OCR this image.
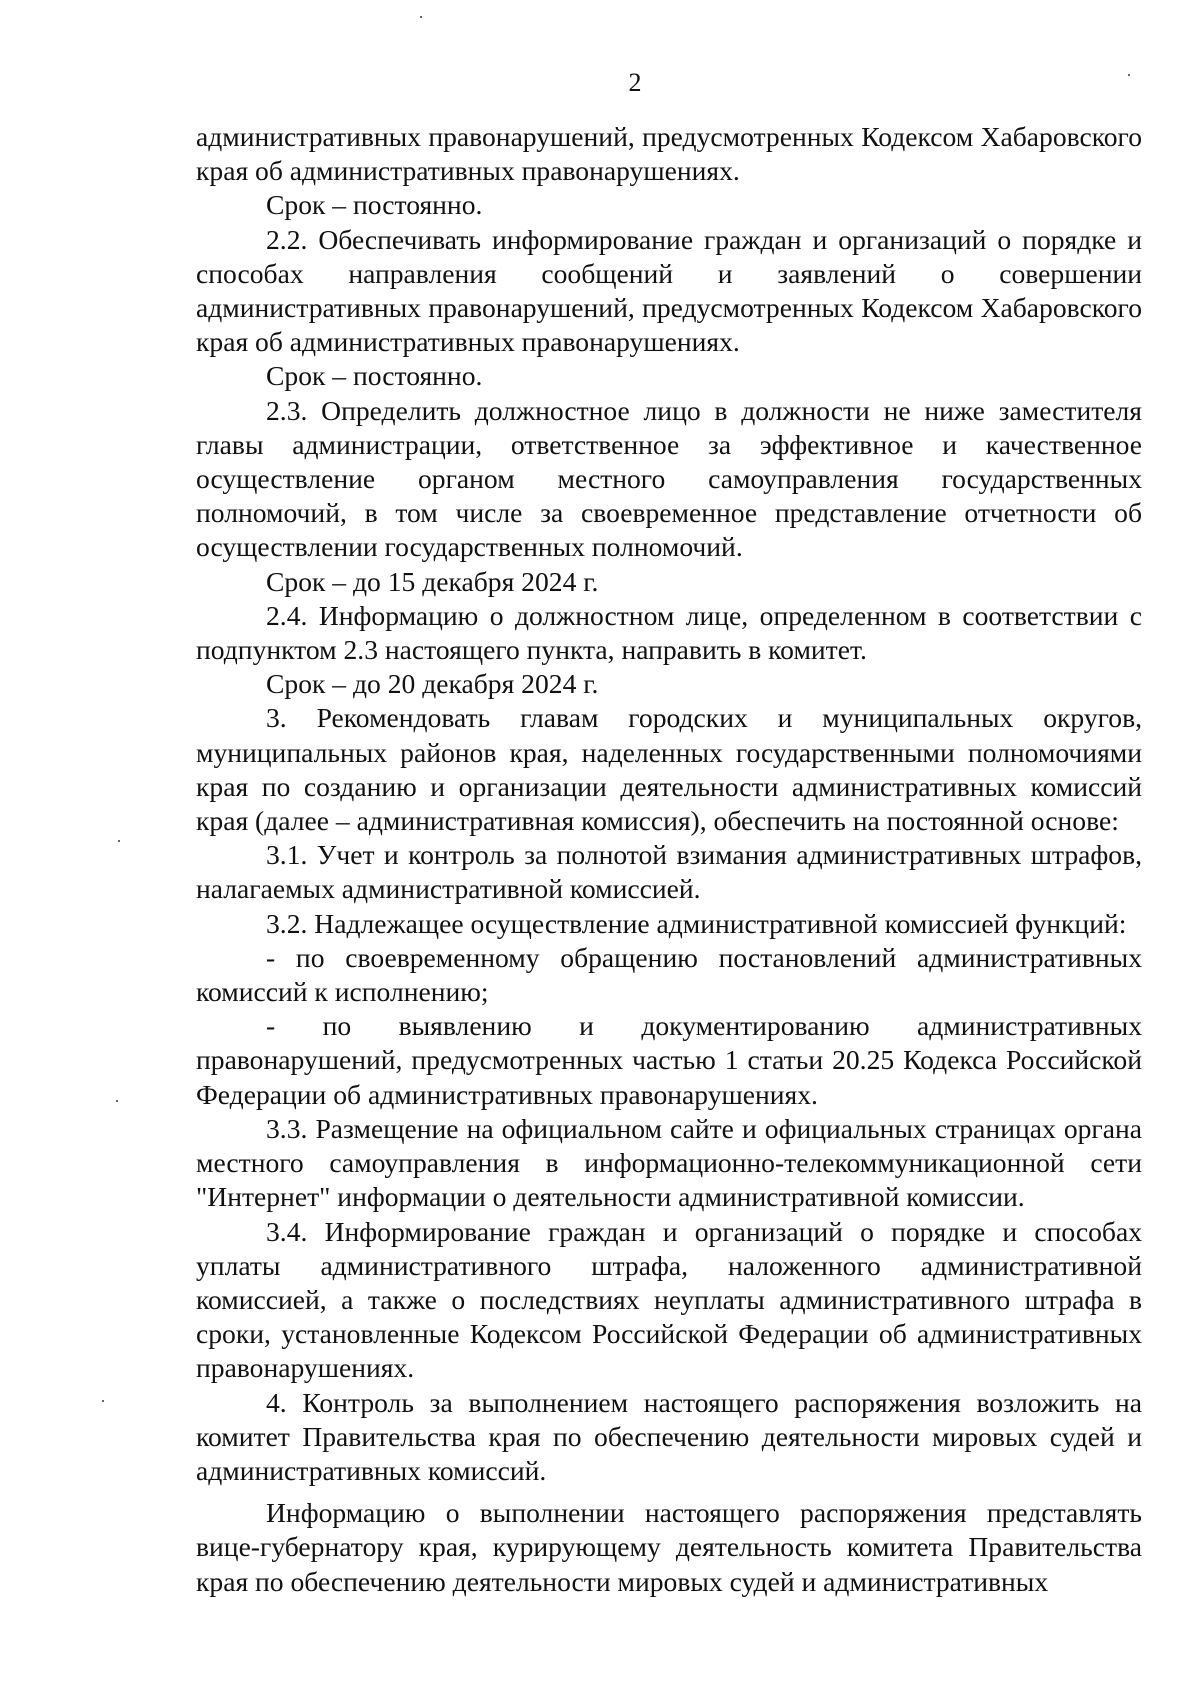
2

административных правонарушений, предусмотренных Кодексом Хабаровского края об административных правонарушениях.

Срок – постоянно.

2.2. Обеспечивать информирование граждан и организаций о порядке и способах направления сообщений и заявлений о совершении административных правонарушений, предусмотренных Кодексом Хабаровского края об административных правонарушениях.

Срок – постоянно.

2.3. Определить должностное лицо в должности не ниже заместителя главы администрации, ответственное за эффективное и качественное осуществление органом местного самоуправления государственных полномочий, в том числе за своевременное представление отчетности об осуществлении государственных полномочий.

Срок – до 15 декабря 2024 г.

2.4. Информацию о должностном лице, определенном в соответствии с подпунктом 2.3 настоящего пункта, направить в комитет.

Срок – до 20 декабря 2024 г.

3. Рекомендовать главам городских и муниципальных округов, муниципальных районов края, наделенных государственными полномочиями края по созданию и организации деятельности административных комиссий края (далее – административная комиссия), обеспечить на постоянной основе:

3.1. Учет и контроль за полнотой взимания административных штрафов, налагаемых административной комиссией.

3.2. Надлежащее осуществление административной комиссией функций:

- по своевременному обращению постановлений административных комиссий к исполнению;

- по выявлению и документированию административных правонарушений, предусмотренных частью 1 статьи 20.25 Кодекса Российской Федерации об административных правонарушениях.

3.3. Размещение на официальном сайте и официальных страницах органа местного самоуправления в информационно-телекоммуникационной сети "Интернет" информации о деятельности административной комиссии.

3.4. Информирование граждан и организаций о порядке и способах уплаты административного штрафа, наложенного административной комиссией, а также о последствиях неуплаты административного штрафа в сроки, установленные Кодексом Российской Федерации об административных правонарушениях.

4. Контроль за выполнением настоящего распоряжения возложить на комитет Правительства края по обеспечению деятельности мировых судей и административных комиссий.

Информацию о выполнении настоящего распоряжения представлять вице-губернатору края, курирующему деятельность комитета Правительства края по обеспечению деятельности мировых судей и административных
